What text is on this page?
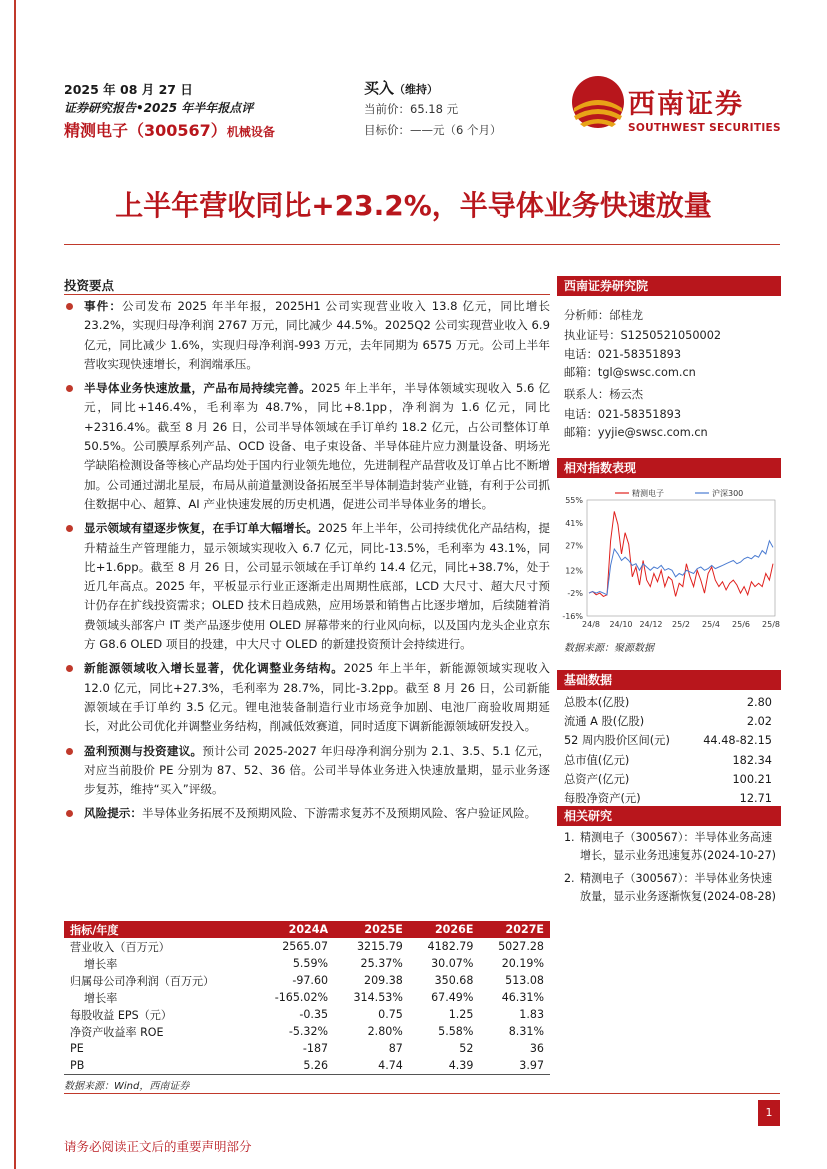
2025 年 08 月 27 日
证券研究报告•2025 年半年报点评
精测电子（300567）机械设备
买入（维持）
当前价：65.18 元
目标价：——元（6 个月）
西南证券
SOUTHWEST SECURITIES
上半年营收同比+23.2%，半导体业务快速放量
投资要点
事件：公司发布 2025 年半年报，2025H1 公司实现营业收入 13.8 亿元，同比增长 23.2%，实现归母净利润 2767 万元，同比减少 44.5%。2025Q2 公司实现营业收入 6.9 亿元，同比减少 1.6%，实现归母净利润-993 万元，去年同期为 6575 万元。公司上半年营收实现快速增长，利润端承压。
半导体业务快速放量，产品布局持续完善。2025 年上半年，半导体领域实现收入 5.6 亿元，同比+146.4%，毛利率为 48.7%，同比+8.1pp，净利润为 1.6 亿元，同比+2316.4%。截至 8 月 26 日，公司半导体领域在手订单约 18.2 亿元，占公司整体订单 50.5%。公司膜厚系列产品、OCD 设备、电子束设备、半导体硅片应力测量设备、明场光学缺陷检测设备等核心产品均处于国内行业领先地位，先进制程产品营收及订单占比不断增加。公司通过湖北星辰，布局从前道量测设备拓展至半导体制造封装产业链，有利于公司抓住数据中心、超算、AI 产业快速发展的历史机遇，促进公司半导体业务的增长。
显示领域有望逐步恢复，在手订单大幅增长。2025 年上半年，公司持续优化产品结构，提升精益生产管理能力，显示领域实现收入 6.7 亿元，同比-13.5%，毛利率为 43.1%，同比+1.6pp。截至 8 月 26 日，公司显示领域在手订单约 14.4 亿元，同比+38.7%，处于近几年高点。2025 年，平板显示行业正逐渐走出周期性底部，LCD 大尺寸、超大尺寸预计仍存在扩线投资需求；OLED 技术日趋成熟，应用场景和销售占比逐步增加，后续随着消费领域头部客户 IT 类产品逐步使用 OLED 屏幕带来的行业风向标，以及国内龙头企业京东方 G8.6 OLED 项目的投建，中大尺寸 OLED 的新建投资预计会持续进行。
新能源领域收入增长显著，优化调整业务结构。2025 年上半年，新能源领域实现收入 12.0 亿元，同比+27.3%，毛利率为 28.7%，同比-3.2pp。截至 8 月 26 日，公司新能源领域在手订单约 3.5 亿元。锂电池装备制造行业市场竞争加剧、电池厂商验收周期延长，对此公司优化并调整业务结构，削减低效赛道，同时适度下调新能源领域研发投入。
盈利预测与投资建议。预计公司 2025-2027 年归母净利润分别为 2.1、3.5、5.1 亿元，对应当前股价 PE 分别为 87、52、36 倍。公司半导体业务进入快速放量期，显示业务逐步复苏，维持“买入”评级。
风险提示：半导体业务拓展不及预期风险、下游需求复苏不及预期风险、客户验证风险。
西南证券研究院
分析师：邰桂龙
执业证号：S1250521050002
电话：021-58351893
邮箱：tgl@swsc.com.cn
联系人：杨云杰
电话：021-58351893
邮箱：yyjie@swsc.com.cn
相对指数表现
55%
41%
27%
12%
-2%
-16%
24/8 24/10 24/12 25/2 25/4 25/6 25/8
精测电子	沪深300
数据来源：聚源数据
基础数据
总股本(亿股)	2.80
流通 A 股(亿股)	2.02
52 周内股价区间(元)	44.48-82.15
总市值(亿元)	182.34
总资产(亿元)	100.21
每股净资产(元)	12.71
相关研究
1. 精测电子（300567）：半导体业务高速增长，显示业务迅速复苏 (2024-10-27)
2. 精测电子（300567）：半导体业务快速放量，显示业务逐渐恢复 (2024-08-28)
指标/年度	2024A	2025E	2026E	2027E
营业收入（百万元）	2565.07	3215.79	4182.79	5027.28
增长率	5.59%	25.37%	30.07%	20.19%
归属母公司净利润（百万元）	-97.60	209.38	350.68	513.08
增长率	-165.02%	314.53%	67.49%	46.31%
每股收益 EPS（元）	-0.35	0.75	1.25	1.83
净资产收益率 ROE	-5.32%	2.80%	5.58%	8.31%
PE	-187	87	52	36
PB	5.26	4.74	4.39	3.97
数据来源：Wind，西南证券
请务必阅读正文后的重要声明部分
1
